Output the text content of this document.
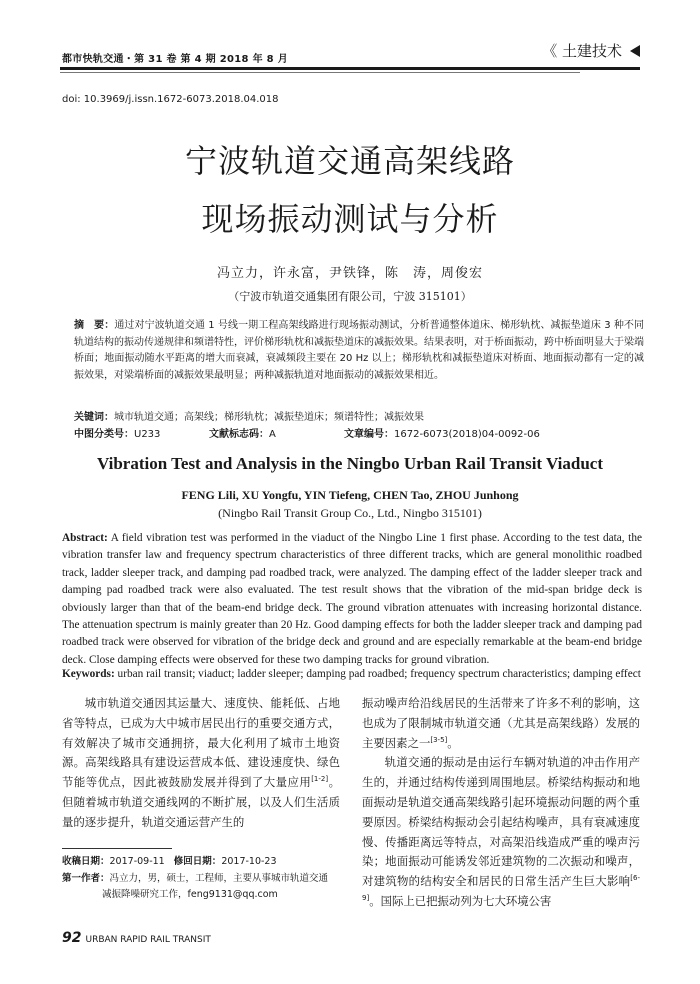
都市快轨交通・第 31 卷 第 4 期 2018 年 8 月	《 土建技术
doi: 10.3969/j.issn.1672-6073.2018.04.018
宁波轨道交通高架线路
现场振动测试与分析
冯立力，许永富，尹铁锋，陈　涛，周俊宏
（宁波市轨道交通集团有限公司，宁波 315101）
摘　要：通过对宁波轨道交通 1 号线一期工程高架线路进行现场振动测试，分析普通整体道床、梯形轨枕、减振垫道床 3 种不同轨道结构的振动传递规律和频谱特性，评价梯形轨枕和减振垫道床的减振效果。结果表明，对于桥面振动，跨中桥面明显大于梁端桥面；地面振动随水平距离的增大而衰减，衰减频段主要在 20 Hz 以上；梯形轨枕和减振垫道床对桥面、地面振动都有一定的减振效果，对梁端桥面的减振效果最明显；两种减振轨道对地面振动的减振效果相近。
关键词：城市轨道交通；高架线；梯形轨枕；减振垫道床；频谱特性；减振效果
中图分类号：U233	文献标志码：A	文章编号：1672-6073(2018)04-0092-06
Vibration Test and Analysis in the Ningbo Urban Rail Transit Viaduct
FENG Lili, XU Yongfu, YIN Tiefeng, CHEN Tao, ZHOU Junhong
(Ningbo Rail Transit Group Co., Ltd., Ningbo 315101)
Abstract: A field vibration test was performed in the viaduct of the Ningbo Line 1 first phase. According to the test data, the vibration transfer law and frequency spectrum characteristics of three different tracks, which are general monolithic roadbed track, ladder sleeper track, and damping pad roadbed track, were analyzed. The damping effect of the ladder sleeper track and damping pad roadbed track were also evaluated. The test result shows that the vibration of the mid-span bridge deck is obviously larger than that of the beam-end bridge deck. The ground vibration attenuates with increasing horizontal distance. The attenuation spectrum is mainly greater than 20 Hz. Good damping effects for both the ladder sleeper track and damping pad roadbed track were observed for vibration of the bridge deck and ground and are especially remarkable at the beam-end bridge deck. Close damping effects were observed for these two damping tracks for ground vibration.
Keywords: urban rail transit; viaduct; ladder sleeper; damping pad roadbed; frequency spectrum characteristics; damping effect

城市轨道交通因其运量大、速度快、能耗低、占地省等特点，已成为大中城市居民出行的重要交通方式，有效解决了城市交通拥挤，最大化利用了城市土地资源。高架线路具有建设运营成本低、建设速度快、绿色节能等优点，因此被鼓励发展并得到了大量应用[1-2]。但随着城市轨道交通线网的不断扩展，以及人们生活质量的逐步提升，轨道交通运营产生的

振动噪声给沿线居民的生活带来了许多不利的影响，这也成为了限制城市轨道交通（尤其是高架线路）发展的主要因素之一[3-5]。

轨道交通的振动是由运行车辆对轨道的冲击作用产生的，并通过结构传递到周围地层。桥梁结构振动和地面振动是轨道交通高架线路引起环境振动问题的两个重要原因。桥梁结构振动会引起结构噪声，具有衰减速度慢、传播距离远等特点，对高架沿线造成严重的噪声污染；地面振动可能诱发邻近建筑物的二次振动和噪声，对建筑物的结构安全和居民的日常生活产生巨大影响[6-9]。国际上已把振动列为七大环境公害

收稿日期：2017-09-11 修回日期：2017-10-23
第一作者：冯立力，男，硕士，工程师，主要从事城市轨道交通
减振降噪研究工作，feng9131@qq.com
92 URBAN RAPID RAIL TRANSIT
